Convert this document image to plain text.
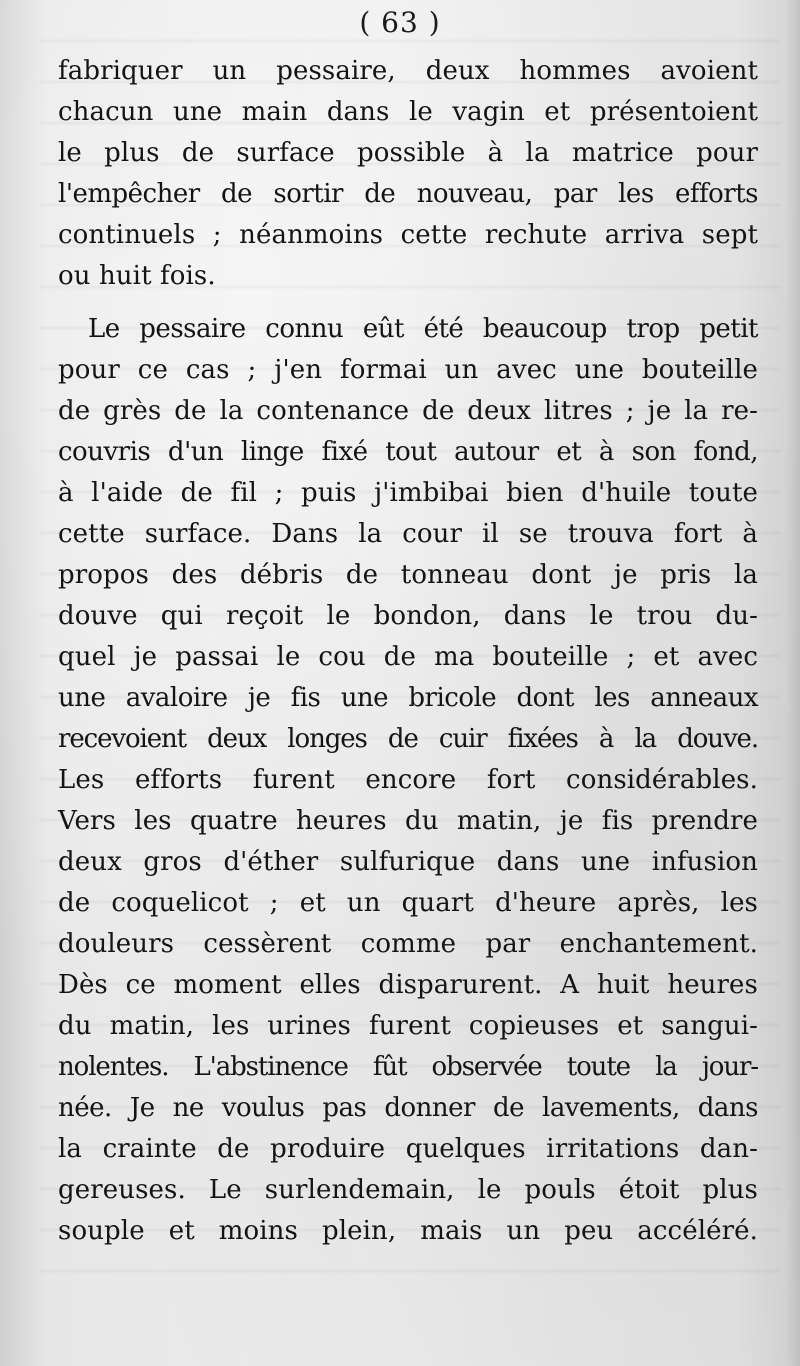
( 63 )
fabriquer un pessaire, deux hommes avoient
chacun une main dans le vagin et présentoient
le plus de surface possible à la matrice pour
l'empêcher de sortir de nouveau, par les efforts
continuels ; néanmoins cette rechute arriva sept
ou huit fois.
Le pessaire connu eût été beaucoup trop petit
pour ce cas ; j'en formai un avec une bouteille
de grès de la contenance de deux litres ; je la re-
couvris d'un linge fixé tout autour et à son fond,
à l'aide de fil ; puis j'imbibai bien d'huile toute
cette surface. Dans la cour il se trouva fort à
propos des débris de tonneau dont je pris la
douve qui reçoit le bondon, dans le trou du-
quel je passai le cou de ma bouteille ; et avec
une avaloire je fis une bricole dont les anneaux
recevoient deux longes de cuir fixées à la douve.
Les efforts furent encore fort considérables.
Vers les quatre heures du matin, je fis prendre
deux gros d'éther sulfurique dans une infusion
de coquelicot ; et un quart d'heure après, les
douleurs cessèrent comme par enchantement.
Dès ce moment elles disparurent. A huit heures
du matin, les urines furent copieuses et sangui-
nolentes. L'abstinence fût observée toute la jour-
née. Je ne voulus pas donner de lavements, dans
la crainte de produire quelques irritations dan-
gereuses. Le surlendemain, le pouls étoit plus
souple et moins plein, mais un peu accéléré.
